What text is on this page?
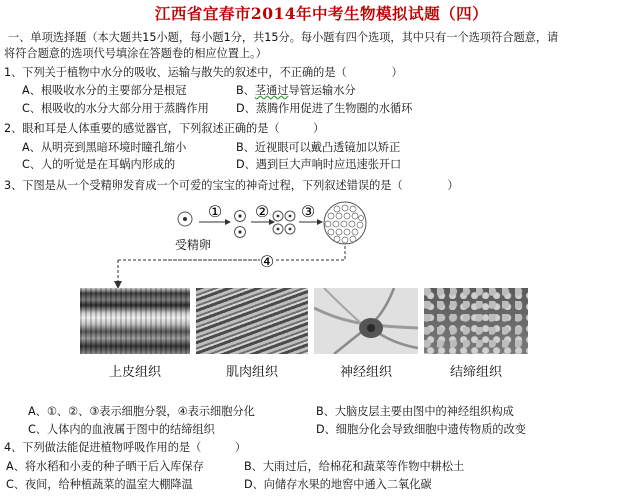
江西省宜春市2014年中考生物模拟试题（四）
一、单项选择题（本大题共15小题，每小题1分，共15分。每小题有四个选项，其中只有一个选项符合题意，请
将符合题意的选项代号填涂在答题卷的相应位置上。）
1、下列关于植物中水分的吸收、运输与散失的叙述中，不正确的是（　　　　）
A、根吸收水分的主要部分是根冠	B、茎通过导管运输水分
C、根吸收的水分大部分用于蒸腾作用 D、蒸腾作用促进了生物圈的水循环
2、眼和耳是人体重要的感觉器官，下列叙述正确的是（　　　）
A、从明亮到黑暗环境时瞳孔缩小	B、近视眼可以戴凸透镜加以矫正
C、人的听觉是在耳蜗内形成的	D、遇到巨大声响时应迅速张开口
3、下图是从一个受精卵发育成一个可爱的宝宝的神奇过程，下列叙述错误的是（　　　　）
① ② ③
④
受精卵
上皮组织	肌肉组织	神经组织	结缔组织
A、①、②、③表示细胞分裂，④表示细胞分化	B、大脑皮层主要由图中的神经组织构成
C、人体内的血液属于图中的结缔组织	D、细胞分化会导致细胞中遗传物质的改变
4、下列做法能促进植物呼吸作用的是（　　　）
A、将水稻和小麦的种子晒干后入库保存	B、大雨过后，给棉花和蔬菜等作物中耕松土
C、夜间，给种植蔬菜的温室大棚降温	D、向储存水果的地窖中通入二氧化碳
